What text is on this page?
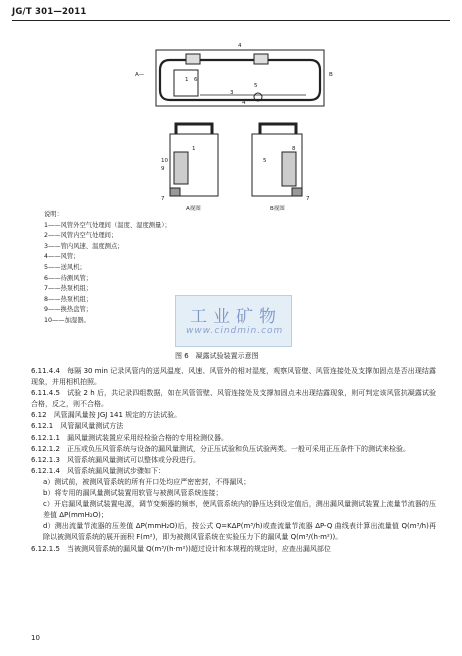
JG/T 301—2011
A—	B
4
3
1 6
4
5
1
10
9
7
A视图
5
8
7
B视图
说明：
1——风管外空气处理间（温度、湿度测量）；
2——风管内空气处理间；
3——管内风速、温度测点；
4——风管；
5——送风机；
6——待测风管；
7——热泵机组；
8——热泵机组；
9——换热盘管；
10——加湿器。	工业矿物
www.cindmin.com
图 6　凝露试验装置示意图

6.11.4.4　每隔 30 min 记录风管内的送风温度、风速、风管外的相对湿度，观察风管壁、风管连接处及支撑加固点是否出现结露现象，并用相机拍照。

6.11.4.5　试验 2 h 后，共记录四组数据，如在风管管壁、风管连接处及支撑加固点未出现结露现象，则可判定该风管抗凝露试验合格，反之，则不合格。

6.12　风管漏风量按 JGJ 141 规定的方法试验。

6.12.1　风管漏风量测试方法

6.12.1.1　漏风量测试装置应采用经检验合格的专用检测仪器。

6.12.1.2　正压或负压风管系统与设备的漏风量测试，分正压试验和负压试验两类。一般可采用正压条件下的测试来检验。

6.12.1.3　风管系统漏风量测试可以整体或分段进行。

6.12.1.4　风管系统漏风量测试步骤如下：

a）测试前，被测风管系统的所有开口处均应严密密封，不得漏风；

b）将专用的漏风量测试装置用软管与被测风管系统连接；

c）开启漏风量测试装置电源，调节变频器的频率，使风管系统内的静压达到设定值后，测出漏风量测试装置上流量节流器的压差值 ΔP(mmH₂O)；

d）测出流量节流器的压差值 ΔP(mmH₂O)后，按公式 Q=KΔP(m³/h)或查流量节流器 ΔP-Q 曲线表计算出流量值 Q(m³/h)再除以被测风管系统的展开面积 F(m²)，即为被测风管系统在实验压力下的漏风量 Q(m³/(h·m²))。

6.12.1.5　当被测风管系统的漏风量 Q(m³/(h·m²))超过设计和本规程的规定时，应查出漏风部位

10
